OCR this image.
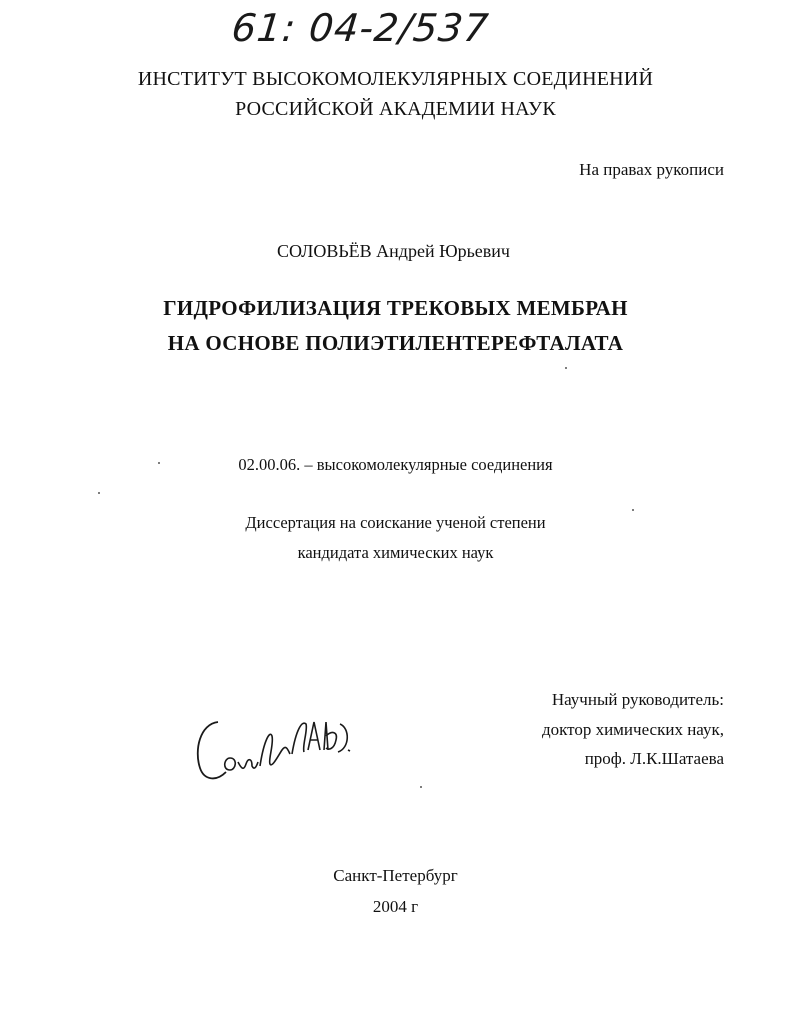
61: 04-2/537
ИНСТИТУТ ВЫСОКОМОЛЕКУЛЯРНЫХ СОЕДИНЕНИЙ
РОССИЙСКОЙ АКАДЕМИИ НАУК
На правах рукописи
СОЛОВЬЁВ Андрей Юрьевич
ГИДРОФИЛИЗАЦИЯ ТРЕКОВЫХ МЕМБРАН
НА ОСНОВЕ ПОЛИЭТИЛЕНТЕРЕФТАЛАТА
02.00.06. – высокомолекулярные соединения
Диссертация на соискание ученой степени
кандидата химических наук
Научный руководитель:
доктор химических наук,
проф. Л.К.Шатаева
Санкт-Петербург
2004 г
